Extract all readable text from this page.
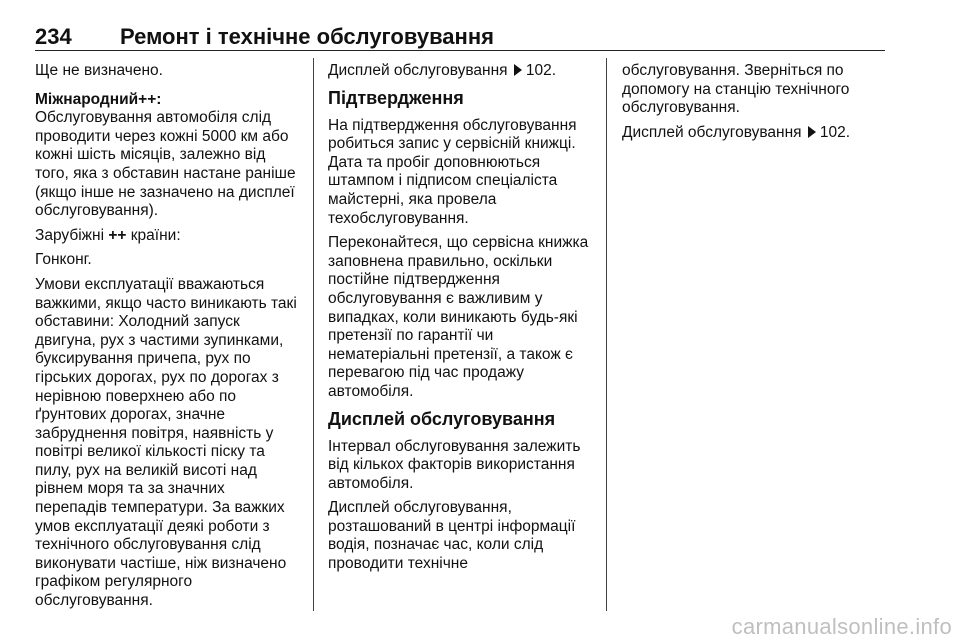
234 Ремонт і технічне обслуговування

Ще не визначено.

Міжнародний++:

Обслуговування автомобіля слід проводити через кожні 5000 км або кожні шість місяців, залежно від того, яка з обставин настане раніше (якщо інше не зазначено на дисплеї обслуговування).

Зарубіжні ++ країни:

Гонконг.

Умови експлуатації вважаються важкими, якщо часто виникають такі обставини: Холодний запуск двигуна, рух з частими зупинками, буксирування причепа, рух по гірських дорогах, рух по дорогах з нерівною поверхнею або по ґрунтових дорогах, значне забруднення повітря, наявність у повітрі великої кількості піску та пилу, рух на великій висоті над рівнем моря та за значних перепадів температури. За важких умов експлуатації деякі роботи з технічного обслуговування слід виконувати частіше, ніж визначено графіком регулярного обслуговування.

Дисплей обслуговування 102.

Підтвердження

На підтвердження обслуговування робиться запис у сервісній книжці. Дата та пробіг доповнюються штампом і підписом спеціаліста майстерні, яка провела техобслуговування.

Переконайтеся, що сервісна книжка заповнена правильно, оскільки постійне підтвердження обслуговування є важливим у випадках, коли виникають будь-які претензії по гарантії чи нематеріальні претензії, а також є перевагою під час продажу автомобіля.

Дисплей обслуговування

Інтервал обслуговування залежить від кількох факторів використання автомобіля.

Дисплей обслуговування, розташований в центрі інформації водія, позначає час, коли слід проводити технічне

обслуговування. Зверніться по допомогу на станцію технічного обслуговування.

Дисплей обслуговування 102.

carmanualsonline.info
